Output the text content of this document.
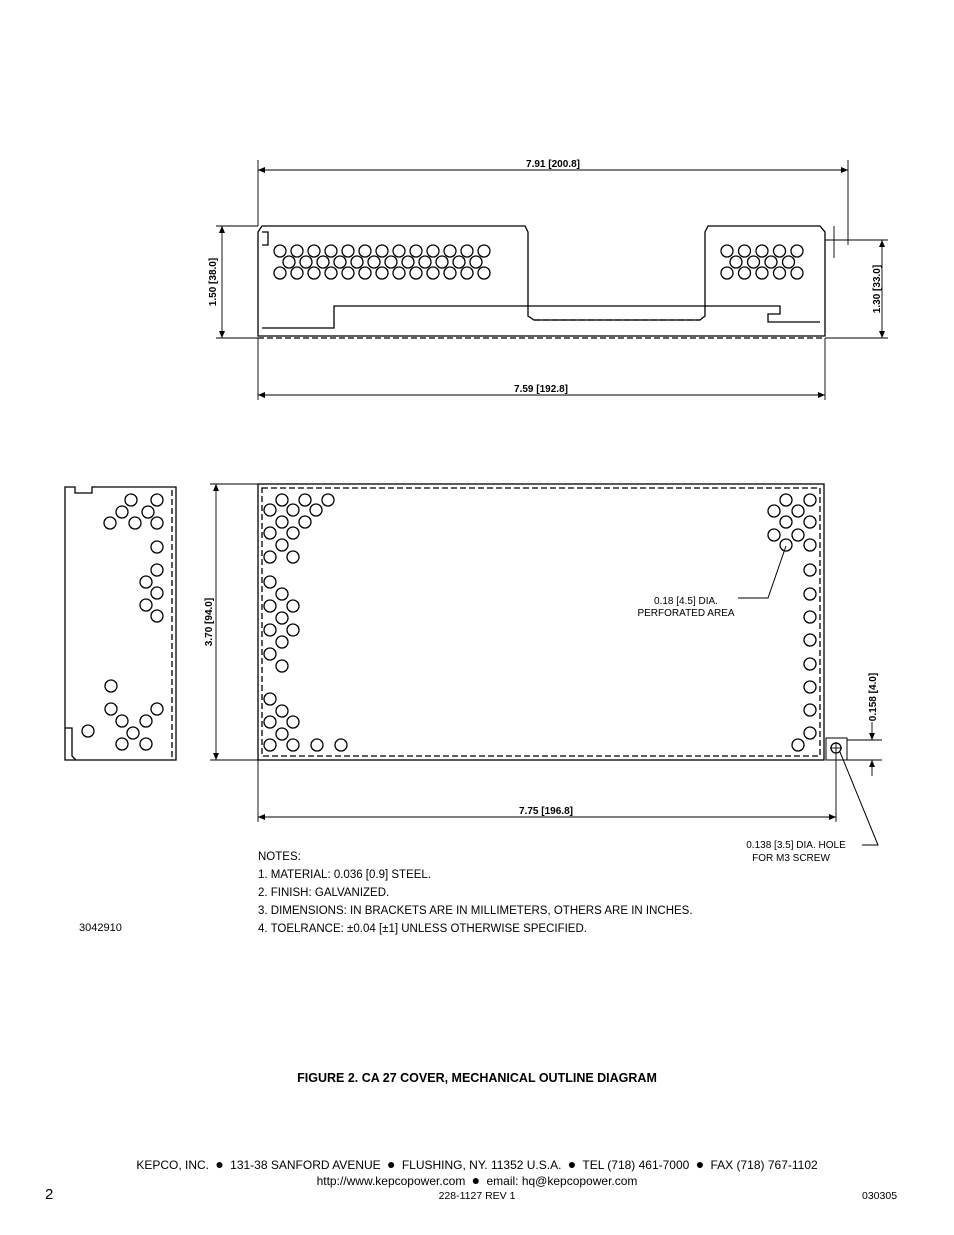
7.91 [200.8]
1.50 [38.0]	1.30 [33.0]
7.59 [192.8]
3.70 [94.0]
7.75 [196.8]
0.158 [4.0]
0.18 [4.5] DIA.
PERFORATED AREA
0.138 [3.5] DIA. HOLE
FOR M3 SCREW
3042910
NOTES:
1. MATERIAL: 0.036 [0.9] STEEL.
2. FINISH: GALVANIZED.
3. DIMENSIONS: IN BRACKETS ARE IN MILLIMETERS, OTHERS ARE IN INCHES.
4. TOELRANCE: ±0.04 [±1] UNLESS OTHERWISE SPECIFIED.
FIGURE 2. CA 27 COVER, MECHANICAL OUTLINE DIAGRAM
KEPCO, INC. ● 131-38 SANFORD AVENUE ● FLUSHING, NY. 11352 U.S.A. ● TEL (718) 461-7000 ● FAX (718) 767-1102
http://www.kepcopower.com ● email: hq@kepcopower.com
2	228-1127 REV 1	030305
